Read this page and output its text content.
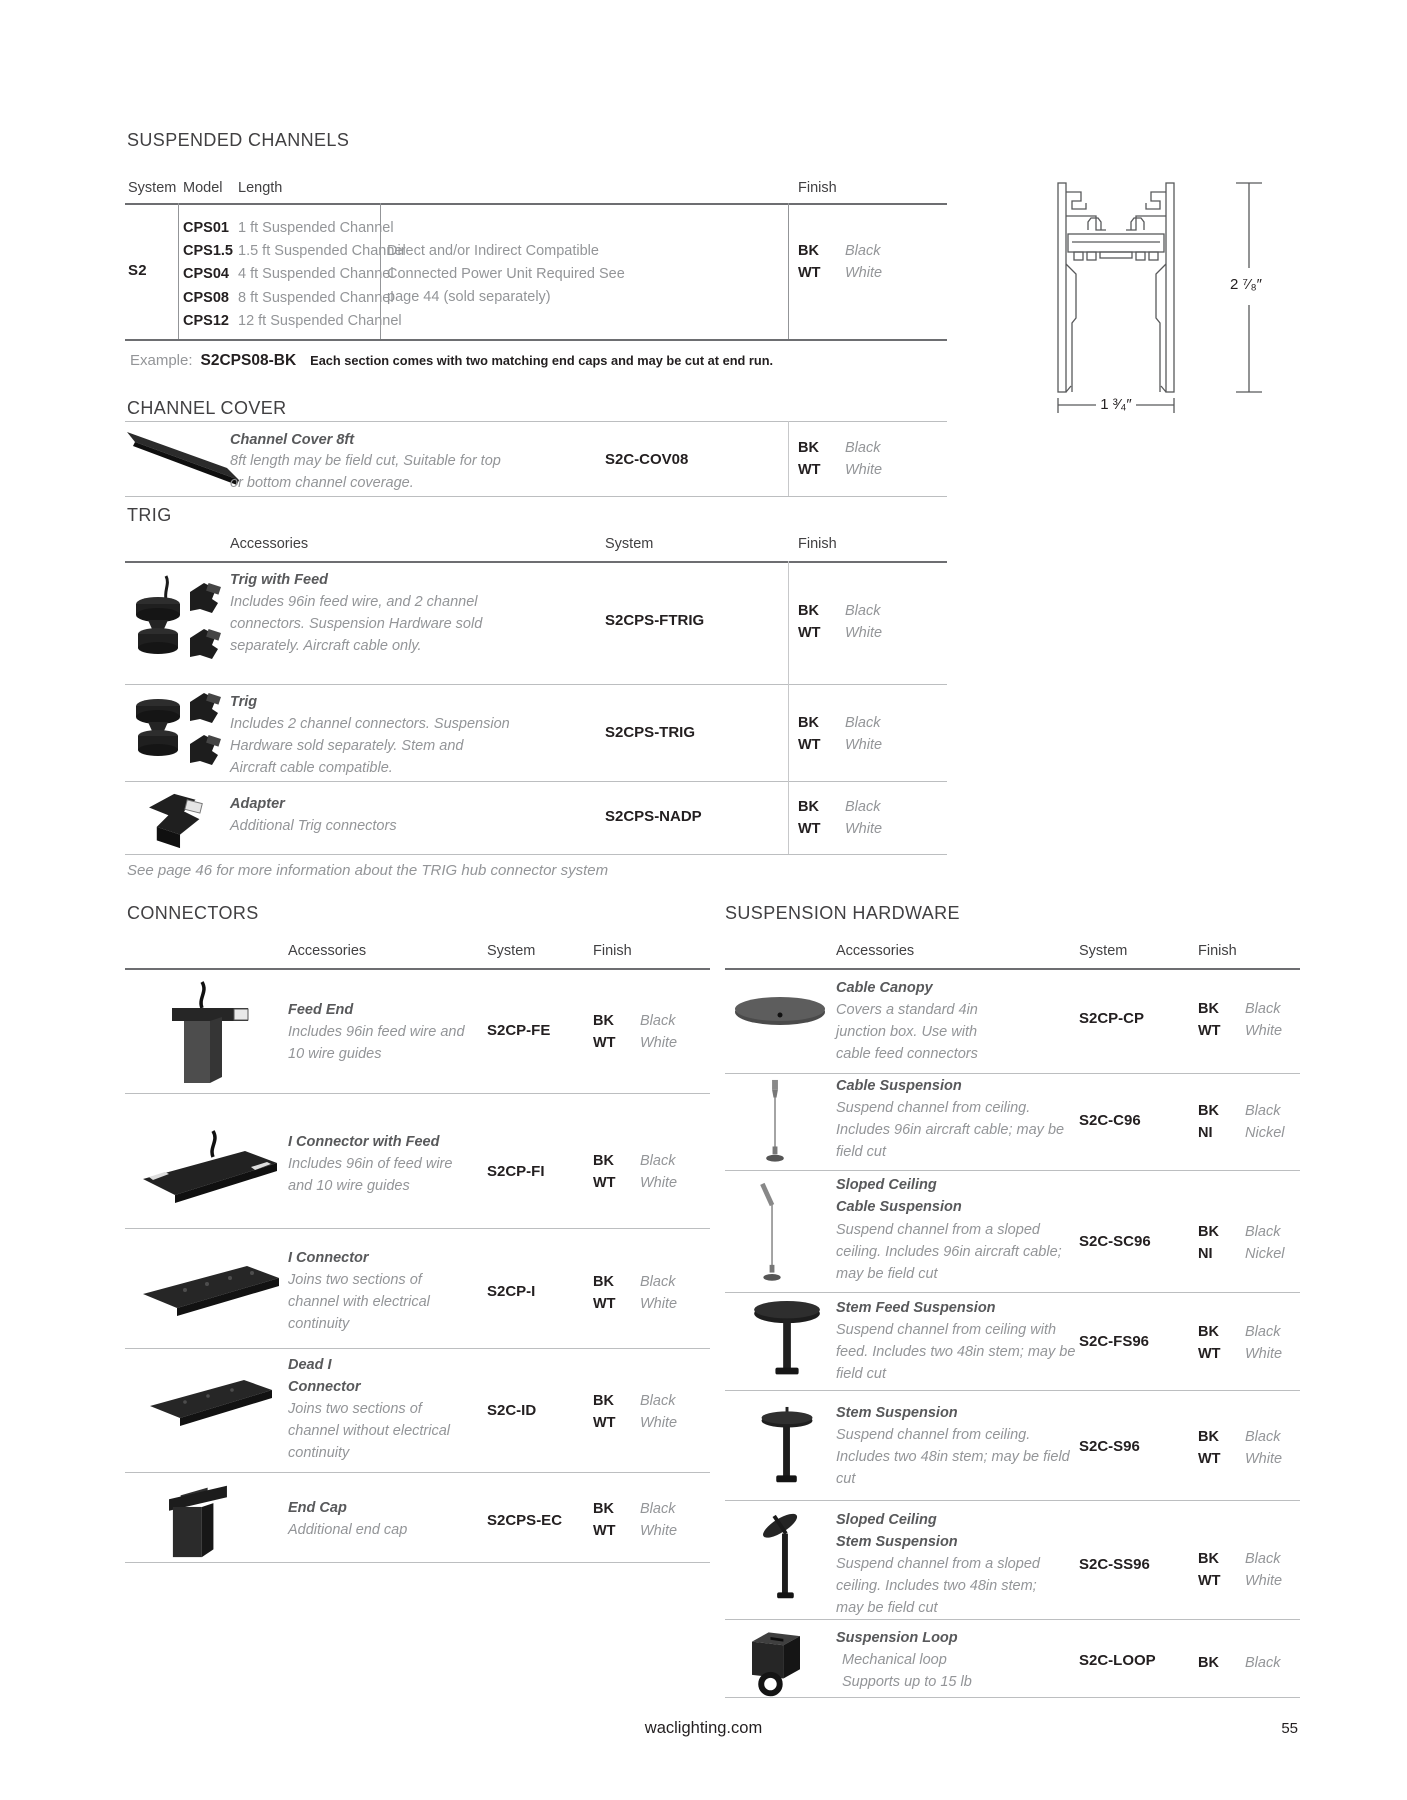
SUSPENDED CHANNELS
System Model Length	Finish
S2
CPS01 1 ft Suspended Channel
CPS1.5 1.5 ft Suspended Channel
CPS04 4 ft Suspended Channel
CPS08 8 ft Suspended Channel
CPS12 12 ft Suspended Channel
Direct and/or Indirect Compatible Connected Power Unit Required See page 44 (sold separately)
BK Black
WT White
Example: S2CPS08-BK Each section comes with two matching end caps and may be cut at end run.
2 ⁷⁄₈″
1 ³⁄₄″
CHANNEL COVER
Channel Cover 8ft
8ft length may be field cut, Suitable for top or bottom channel coverage.
S2C-COV08
BK Black
WT White
TRIG
Accessories	System	Finish
Trig with Feed
Includes 96in feed wire, and 2 channel connectors. Suspension Hardware sold separately. Aircraft cable only.
S2CPS-FTRIG
BK Black
WT White
Trig
Includes 2 channel connectors. Suspension Hardware sold separately. Stem and Aircraft cable compatible.
S2CPS-TRIG
BK Black
WT White
Adapter
Additional Trig connectors
S2CPS-NADP
BK Black
WT White
See page 46 for more information about the TRIG hub connector system
CONNECTORS
Accessories	System	Finish
Feed End
Includes 96in feed wire and 10 wire guides
S2CP-FE
BK Black
WT White
I Connector with Feed
Includes 96in of feed wire and 10 wire guides
S2CP-FI
BK Black
WT White
I Connector
Joins two sections of channel with electrical continuity
S2CP-I
BK Black
WT White
Dead I Connector
Joins two sections of channel without electrical continuity
S2C-ID
BK Black
WT White
End Cap
Additional end cap
S2CPS-EC
BK Black
WT White
SUSPENSION HARDWARE
Accessories	System	Finish
Cable Canopy
Covers a standard 4in junction box. Use with cable feed connectors
S2CP-CP
BK Black
WT White
Cable Suspension
Suspend channel from ceiling. Includes 96in aircraft cable; may be field cut
S2C-C96
BK Black
NI Nickel
Sloped Ceiling Cable Suspension
Suspend channel from a sloped ceiling. Includes 96in aircraft cable; may be field cut
S2C-SC96
BK Black
NI Nickel
Stem Feed Suspension
Suspend channel from ceiling with feed. Includes two 48in stem; may be field cut
S2C-FS96
BK Black
WT White
Stem Suspension
Suspend channel from ceiling. Includes two 48in stem; may be field cut
S2C-S96
BK Black
WT White
Sloped Ceiling Stem Suspension
Suspend channel from a sloped ceiling. Includes two 48in stem; may be field cut
S2C-SS96	BK Black
WT White
Suspension Loop
Mechanical loop Supports up to 15 lb
S2C-LOOP	BK Black
waclighting.com	55
